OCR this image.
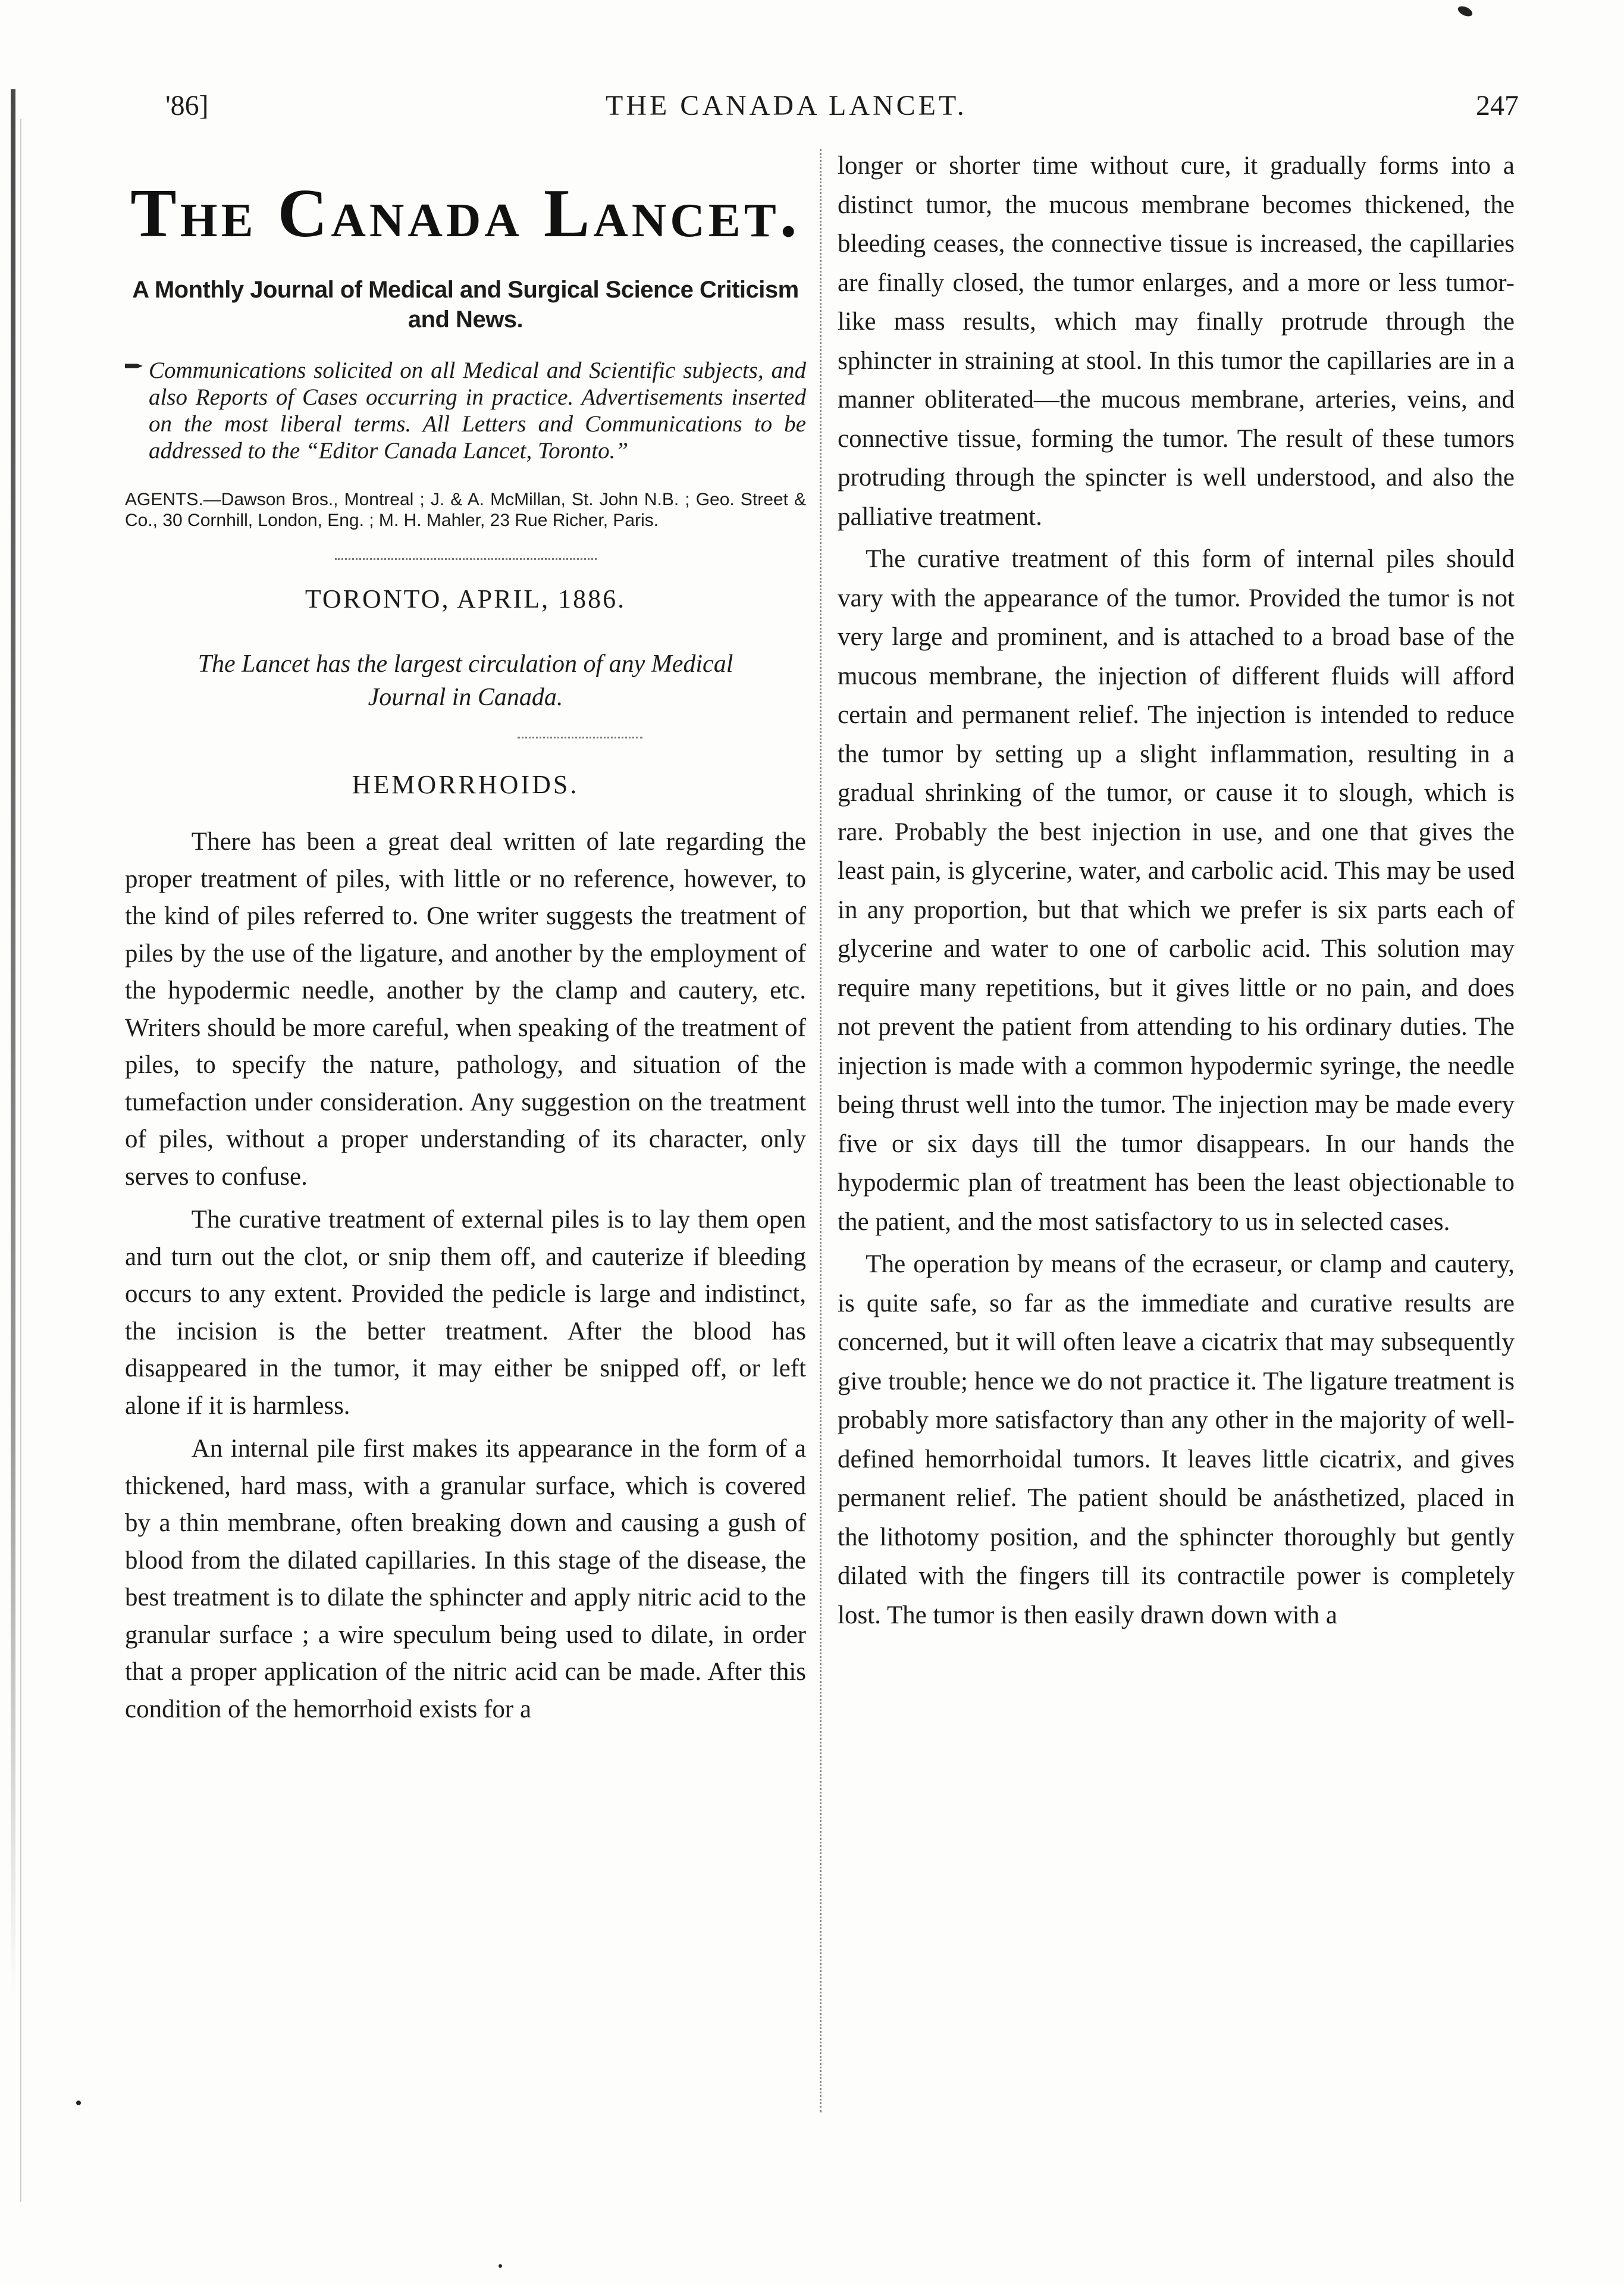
'86]	THE CANADA LANCET.	247
The Canada Lancet.
A Monthly Journal of Medical and Surgical Science Criticism and News.
Communications solicited on all Medical and Scientific subjects, and also Reports of Cases occurring in practice. Advertisements inserted on the most liberal terms. All Letters and Communications to be addressed to the “Editor Canada Lancet, Toronto.”
AGENTS.—Dawson Bros., Montreal ; J. & A. McMillan, St. John N.B. ; Geo. Street & Co., 30 Cornhill, London, Eng. ; M. H. Mahler, 23 Rue Richer, Paris.
TORONTO, APRIL, 1886.
The Lancet has the largest circulation of any Medical Journal in Canada.
HEMORRHOIDS.

There has been a great deal written of late regarding the proper treatment of piles, with little or no reference, however, to the kind of piles referred to. One writer suggests the treatment of piles by the use of the ligature, and another by the employment of the hypodermic needle, another by the clamp and cautery, etc. Writers should be more careful, when speaking of the treatment of piles, to specify the nature, pathology, and situation of the tumefaction under consideration. Any suggestion on the treatment of piles, without a proper understanding of its character, only serves to confuse.

The curative treatment of external piles is to lay them open and turn out the clot, or snip them off, and cauterize if bleeding occurs to any extent. Provided the pedicle is large and indistinct, the incision is the better treatment. After the blood has disappeared in the tumor, it may either be snipped off, or left alone if it is harmless.

An internal pile first makes its appearance in the form of a thickened, hard mass, with a granular surface, which is covered by a thin membrane, often breaking down and causing a gush of blood from the dilated capillaries. In this stage of the disease, the best treatment is to dilate the sphincter and apply nitric acid to the granular surface ; a wire speculum being used to dilate, in order that a proper application of the nitric acid can be made. After this condition of the hemorrhoid exists for a

longer or shorter time without cure, it gradually forms into a distinct tumor, the mucous membrane becomes thickened, the bleeding ceases, the connective tissue is increased, the capillaries are finally closed, the tumor enlarges, and a more or less tumor-like mass results, which may finally protrude through the sphincter in straining at stool. In this tumor the capillaries are in a manner obliterated—the mucous membrane, arteries, veins, and connective tissue, forming the tumor. The result of these tumors protruding through the spincter is well understood, and also the palliative treatment.

The curative treatment of this form of internal piles should vary with the appearance of the tumor. Provided the tumor is not very large and prominent, and is attached to a broad base of the mucous membrane, the injection of different fluids will afford certain and permanent relief. The injection is intended to reduce the tumor by setting up a slight inflammation, resulting in a gradual shrinking of the tumor, or cause it to slough, which is rare. Probably the best injection in use, and one that gives the least pain, is glycerine, water, and carbolic acid. This may be used in any proportion, but that which we prefer is six parts each of glycerine and water to one of carbolic acid. This solution may require many repetitions, but it gives little or no pain, and does not prevent the patient from attending to his ordinary duties. The injection is made with a common hypodermic syringe, the needle being thrust well into the tumor. The injection may be made every five or six days till the tumor disappears. In our hands the hypodermic plan of treatment has been the least objectionable to the patient, and the most satisfactory to us in selected cases.

The operation by means of the ecraseur, or clamp and cautery, is quite safe, so far as the immediate and curative results are concerned, but it will often leave a cicatrix that may subsequently give trouble; hence we do not practice it. The ligature treatment is probably more satisfactory than any other in the majority of well-defined hemorrhoidal tumors. It leaves little cicatrix, and gives permanent relief. The patient should be anásthetized, placed in the lithotomy position, and the sphincter thoroughly but gently dilated with the fingers till its contractile power is completely lost. The tumor is then easily drawn down with a
